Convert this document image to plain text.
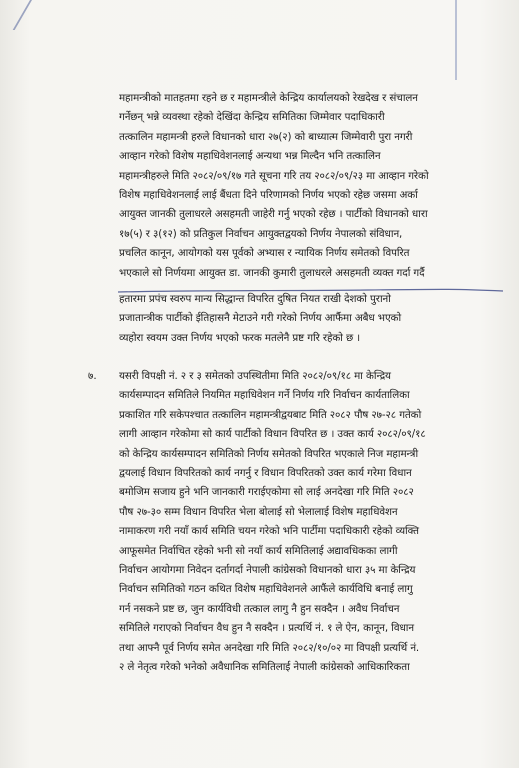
महामन्त्रीको मातहतमा रहने छ र महामन्त्रीले केन्द्रिय कार्यालयको रेखदेख र संचालन
गर्नेछन् भन्ने व्यवस्था रहेको देखिंदा केन्द्रिय समितिका जिम्मेवार पदाधिकारी
तत्कालिन महामन्त्री हरुले विधानको धारा २७(२) को बाध्यात्म जिम्मेवारी पुरा नगरी
आव्हान गरेको विशेष महाधिवेशनलाई अन्यथा भन्न मिल्दैन भनि तत्कालिन
महामन्त्रीहरुले मिति २०८२/०९/१७ गते सूचना गरि तय २०८२/०९/२३ मा आव्हान गरेको
विशेष महाधिवेशनलाई लाई बैंधता दिने परिणामको निर्णय भएको रहेछ जसमा अर्का
आयुक्त जानकी तुलाधरले असहमती जाहेरी गर्नु भएको रहेछ । पार्टीको विधानको धारा
१७(५) र ३(१२) को प्रतिकुल निर्वाचन आयुक्तद्वयको निर्णय नेपालको संविधान,
प्रचलित कानून, आयोगको यस पूर्वको अभ्यास र न्यायिक निर्णय समेतको विपरित
भएकाले सो निर्णयमा आयुक्त डा. जानकी कुमारी तुलाधरले असहमती व्यक्त गर्दा गर्दै
हतारमा प्रपंच स्वरुप मान्य सिद्धान्त विपरित दुषित नियत राखी देशको पुरानो
प्रजातान्त्रीक पार्टीको ईतिहासनै मेटाउने गरी गरेको निर्णय आर्फैमा अबैध भएको
व्यहोरा स्वयम उक्त निर्णय भएको फरक मतलेनै प्रष्ट गरि रहेको छ ।
७. यसरी विपक्षी नं. २ र ३ समेतको उपस्थितीमा मिति २०८२/०९/१८ मा केन्द्रिय
कार्यसम्पादन समितिले नियमित महाधिवेशन गर्ने निर्णय गरि निर्वाचन कार्यतालिका
प्रकाशित गरि सकेपश्चात तत्कालिन महामन्त्रीद्वयबाट मिति २०८२ पौष २७-२८ गतेको
लागी आव्हान गरेकोमा सो कार्य पार्टीको विधान विपरित छ । उक्त कार्य २०८२/०९/१८
को केन्द्रिय कार्यसम्पादन समितिको निर्णय समेतको विपरित भएकाले निज महामन्त्री
द्वयलाई विधान विपरितको कार्य नगर्नु र विधान विपरितको उक्त कार्य गरेमा विधान
बमोजिम सजाय हुने भनि जानकारी गराईएकोमा सो लाई अनदेखा गरि मिति २०८२
पौष २७-३० सम्म विधान विपरित भेला बोलाई सो भेलालाई विशेष महाधिवेशन
नामाकरण गरी नयाँ कार्य समिति चयन गरेको भनि पार्टीमा पदाधिकारी रहेको व्यक्ति
आफूसमेत निर्वाचित रहेको भनी सो नयाँ कार्य समितिलाई अद्यावधिकका लागी
निर्वाचन आयोगमा निवेदन दर्तागर्दा नेपाली कांग्रेसको विधानको धारा ३५ मा केन्द्रिय
निर्वाचन समितिको गठन कथित विशेष महाधिवेशनले आफैंले कार्यविधि बनाई लागु
गर्न नसकने प्रष्ट छ, जुन कार्यविधी तत्काल लागु नै हुन सक्दैन । अवैध निर्वाचन
समितिले गराएको निर्वाचन वैध हुन नै सक्दैन । प्रत्यर्थि नं. १ ले ऐन, कानून, विधान
तथा आफ्नै पूर्व निर्णय समेत अनदेखा गरि मिति २०८२/१०/०२ मा विपक्षी प्रत्यर्थि नं.
२ ले नेतृत्व गरेको भनेको अवैधानिक समितिलाई नेपाली कांग्रेसको आधिकारिकता
